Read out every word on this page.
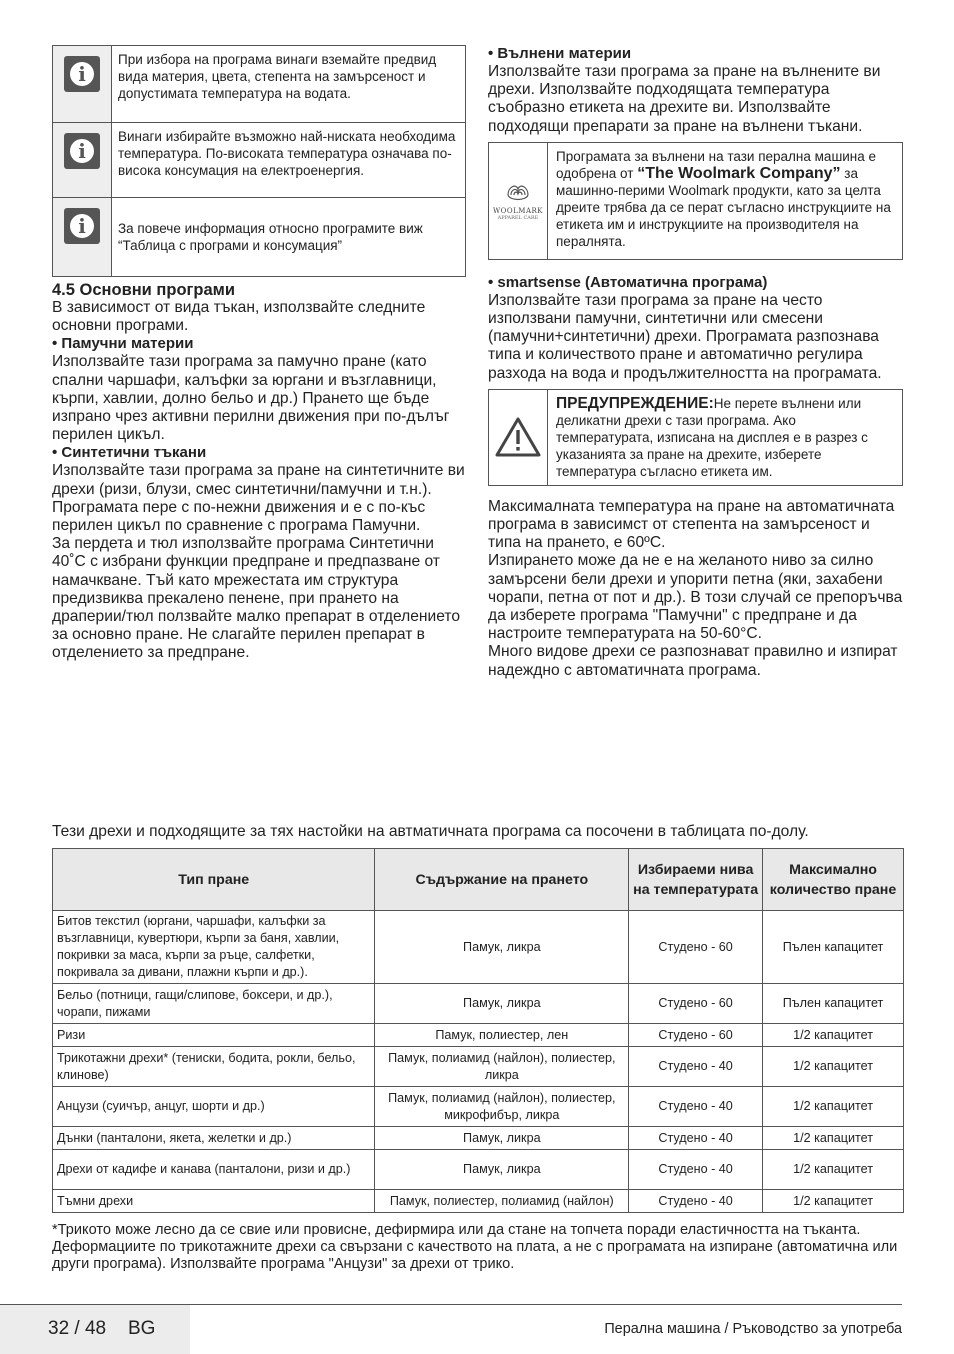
i
При избора на програма винаги вземайте предвид вида материя, цвета, степента на замърсеност и допустимата температура на водата.
i
Винаги избирайте възможно най-ниската необходима температура. По-високата температура означава по-висока консумация на електроенергия.
i	За повече информация относно програмите виж “Таблица с програми и консумация”
4.5 Основни програми

В зависимост от вида тъкан, използвайте следните основни програми.

• Памучни материи

Използвайте тази програма за памучно пране (като спални чаршафи, калъфки за юргани и възглавници, кърпи, хавлии, долно бельо и др.) Прането ще бъде изпрано чрез активни перилни движения при по-дълъг перилен цикъл.

• Синтетични тъкани

Използвайте тази програма за пране на синтетичните ви дрехи (ризи, блузи, смес синтетични/памучни и т.н.). Програмата пере с по-нежни движения и е с по-къс перилен цикъл по сравнение с програма Памучни.

За пердета и тюл използвайте програма Синтетични 40˚С с избрани функции предпране и предпазване от намачкване. Тъй като мрежестата им структура предизвиква прекалено пенене, при прането на драперии/тюл ползвайте малко препарат в отделението за основно пране. Не слагайте перилен препарат в отделението за предпране.

• Вълнени материи

Използвайте тази програма за пране на вълнените ви дрехи. Използвайте подходящата температура съобразно етикета на дрехите ви. Използвайте подходящи препарати за пране на вълнени тъкани.

WOOLMARK
APPAREL CARE
Програмата за вълнени на тази перална машина е одобрена от “The Woolmark Company” за машинно-перими Woolmark продукти, като за целта дреите трябва да се перат съгласно инструкциите на етикета им и инструкциите на производителя на пералнята.

• smartsense (Автоматична програма)

Използвайте тази програма за пране на често използвани памучни, синтетични или смесени (памучни+синтетични) дрехи. Програмата разпознава типа и количеството пране и автоматично регулира разхода на вода и продължителността на програмата.

ПРЕДУПРЕЖДЕНИЕ:Не перете вълнени или деликатни дрехи с тази програма. Ако температурата, изписана на дисплея е в разрез с указанията за пране на дрехите, изберете температура съгласно етикета им.

Максималната температура на пране на автоматичната програма в зависимст от степента на замърсеност и типа на прането, е 60ºC.

Изпирането може да не е на желаното ниво за силно замърсени бели дрехи и упорити петна (яки, захабени чорапи, петна от пот и др.). В този случай се препоръчва да изберете програма "Памучни" с предпране и да настроите температурата на 50-60°C.

Много видове дрехи се разпознават правилно и изпират надеждно с автоматичната програма.

Тези дрехи и подходящите за тях настойки на автматичната програма са посочени в таблицата по-долу.
Тип пране	Съдържание на прането	Избираеми нива на температурата	Максимално количество пране
Битов текстил (юргани, чаршафи, калъфки за възглавници, кувертюри, кърпи за баня, хавлии, покривки за маса, кърпи за ръце, салфетки, покривала за дивани, плажни кърпи и др.).	Памук, ликра	Студено - 60	Пълен капацитет
Бельо (потници, гащи/слипове, боксери, и др.), чорапи, пижами	Памук, ликра	Студено - 60	Пълен капацитет
Ризи	Памук, полиестер, лен	Студено - 60	1/2 капацитет
Трикотажни дрехи* (тениски, бодита, рокли, бельо, клинове)	Памук, полиамид (найлон), полиестер, ликра	Студено - 40	1/2 капацитет
Анцузи (суичър, анцуг, шорти и др.)	Памук, полиамид (найлон), полиестер, микрофибър, ликра	Студено - 40	1/2 капацитет
Дънки (панталони, якета, желетки и др.)	Памук, ликра	Студено - 40	1/2 капацитет
Дрехи от кадифе и канава (панталони, ризи и др.)	Памук, ликра	Студено - 40	1/2 капацитет
Тъмни дрехи	Памук, полиестер, полиамид (найлон)	Студено - 40	1/2 капацитет
*Трикото може лесно да се свие или провисне, дефирмира или да стане на топчета поради еластичността на тъканта. Деформациите по трикотажните дрехи са свързани с качеството на плата, а не с програмата на изпиране (автоматична или други програма). Използвайте програма "Анцузи" за дрехи от трико.
32 / 48 BG	Перална машина / Ръководство за употреба
